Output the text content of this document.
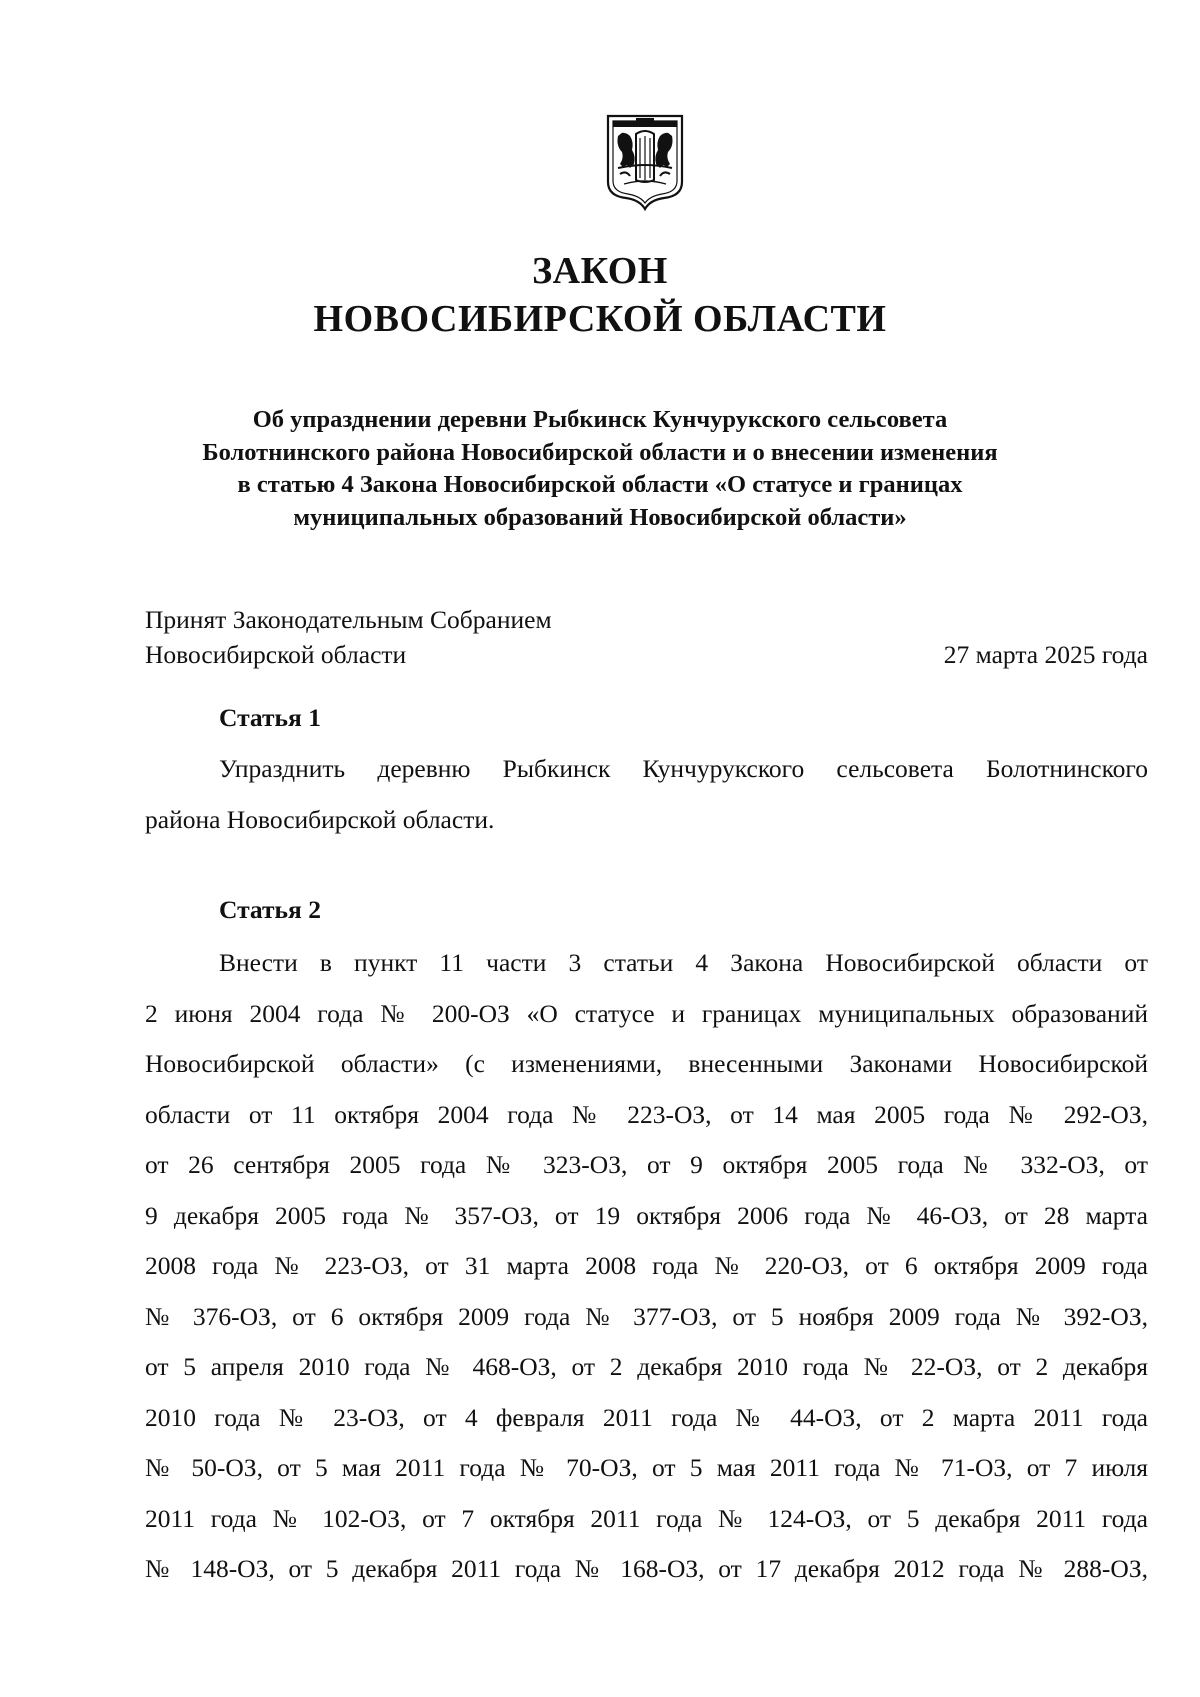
ЗАКОН
НОВОСИБИРСКОЙ ОБЛАСТИ
Об упразднении деревни Рыбкинск Кунчурукского сельсовета
Болотнинского района Новосибирской области и о внесении изменения
в статью 4 Закона Новосибирской области «О статусе и границах
муниципальных образований Новосибирской области»
Принят Законодательным Собранием
Новосибирской области	27 марта 2025 года
Статья 1
Упразднить деревню Рыбкинск Кунчурукского сельсовета Болотнинского
района Новосибирской области.
Статья 2
Внести в пункт 11 части 3 статьи 4 Закона Новосибирской области от
2 июня 2004 года № 200-ОЗ «О статусе и границах муниципальных образований
Новосибирской области» (с изменениями, внесенными Законами Новосибирской
области от 11 октября 2004 года № 223-ОЗ, от 14 мая 2005 года № 292-ОЗ,
от 26 сентября 2005 года № 323-ОЗ, от 9 октября 2005 года № 332-ОЗ, от
9 декабря 2005 года № 357-ОЗ, от 19 октября 2006 года № 46-ОЗ, от 28 марта
2008 года № 223-ОЗ, от 31 марта 2008 года № 220-ОЗ, от 6 октября 2009 года
№ 376-ОЗ, от 6 октября 2009 года № 377-ОЗ, от 5 ноября 2009 года № 392-ОЗ,
от 5 апреля 2010 года № 468-ОЗ, от 2 декабря 2010 года № 22-ОЗ, от 2 декабря
2010 года № 23-ОЗ, от 4 февраля 2011 года № 44-ОЗ, от 2 марта 2011 года
№ 50-ОЗ, от 5 мая 2011 года № 70-ОЗ, от 5 мая 2011 года № 71-ОЗ, от 7 июля
2011 года № 102-ОЗ, от 7 октября 2011 года № 124-ОЗ, от 5 декабря 2011 года
№ 148-ОЗ, от 5 декабря 2011 года № 168-ОЗ, от 17 декабря 2012 года № 288-ОЗ,
